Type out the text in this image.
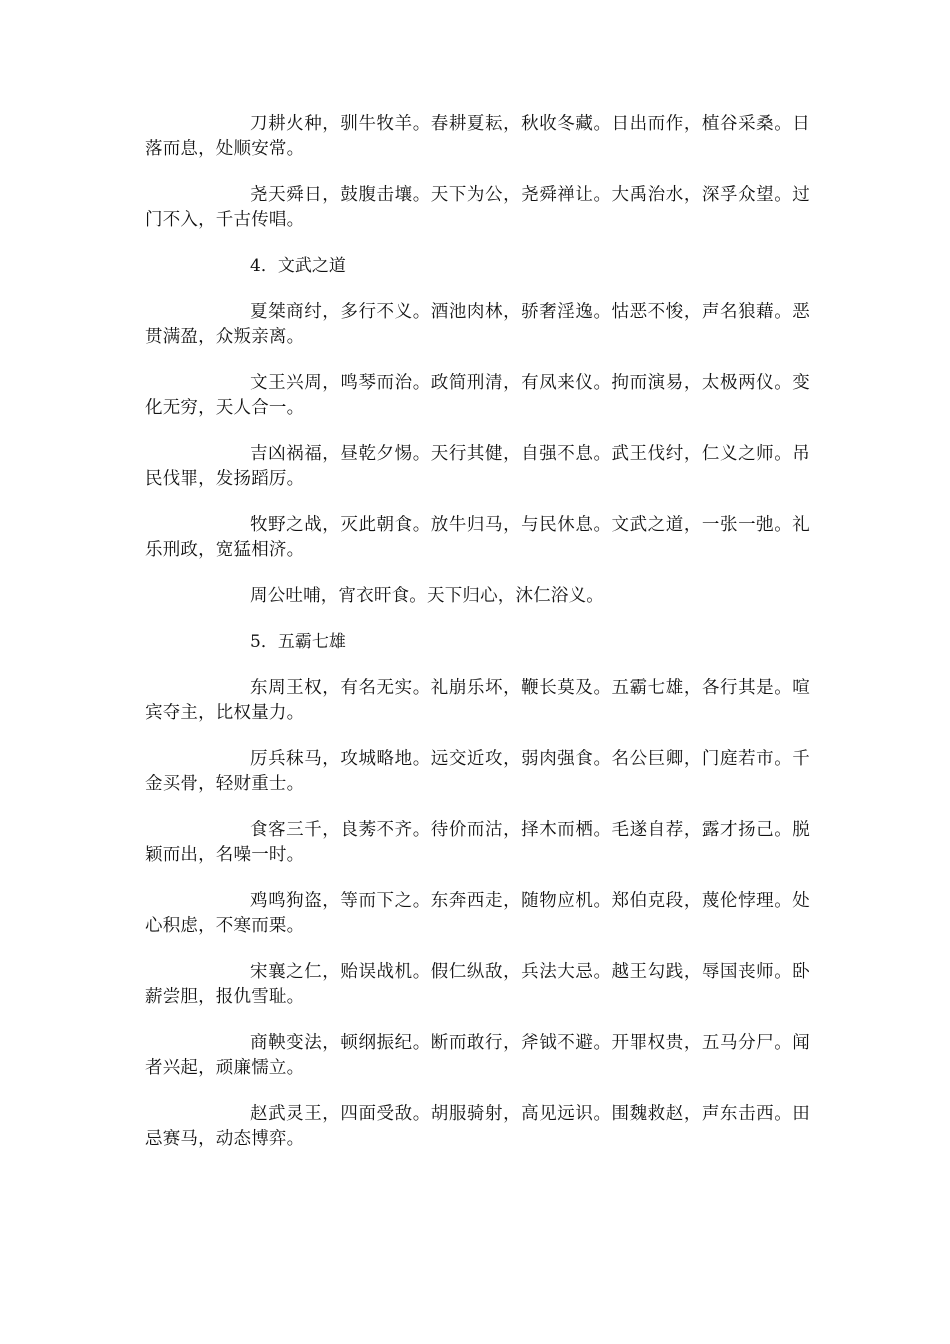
刀耕火种，驯牛牧羊。春耕夏耘，秋收冬藏。日出而作，植谷采桑。日落而息，处顺安常。

尧天舜日，鼓腹击壤。天下为公，尧舜禅让。大禹治水，深孚众望。过门不入，千古传唱。

4．文武之道

夏桀商纣，多行不义。酒池肉林，骄奢淫逸。怙恶不悛，声名狼藉。恶贯满盈，众叛亲离。

文王兴周，鸣琴而治。政简刑清，有凤来仪。拘而演易，太极两仪。变化无穷，天人合一。

吉凶祸福，昼乾夕惕。天行其健，自强不息。武王伐纣，仁义之师。吊民伐罪，发扬蹈厉。

牧野之战，灭此朝食。放牛归马，与民休息。文武之道，一张一弛。礼乐刑政，宽猛相济。

周公吐哺，宵衣旰食。天下归心，沐仁浴义。

5．五霸七雄

东周王权，有名无实。礼崩乐坏，鞭长莫及。五霸七雄，各行其是。喧宾夺主，比权量力。

厉兵秣马，攻城略地。远交近攻，弱肉强食。名公巨卿，门庭若市。千金买骨，轻财重士。

食客三千，良莠不齐。待价而沽，择木而栖。毛遂自荐，露才扬己。脱颖而出，名噪一时。

鸡鸣狗盗，等而下之。东奔西走，随物应机。郑伯克段，蔑伦悖理。处心积虑，不寒而栗。

宋襄之仁，贻误战机。假仁纵敌，兵法大忌。越王勾践，辱国丧师。卧薪尝胆，报仇雪耻。

商鞅变法，顿纲振纪。断而敢行，斧钺不避。开罪权贵，五马分尸。闻者兴起，顽廉懦立。

赵武灵王，四面受敌。胡服骑射，高见远识。围魏救赵，声东击西。田忌赛马，动态博弈。
